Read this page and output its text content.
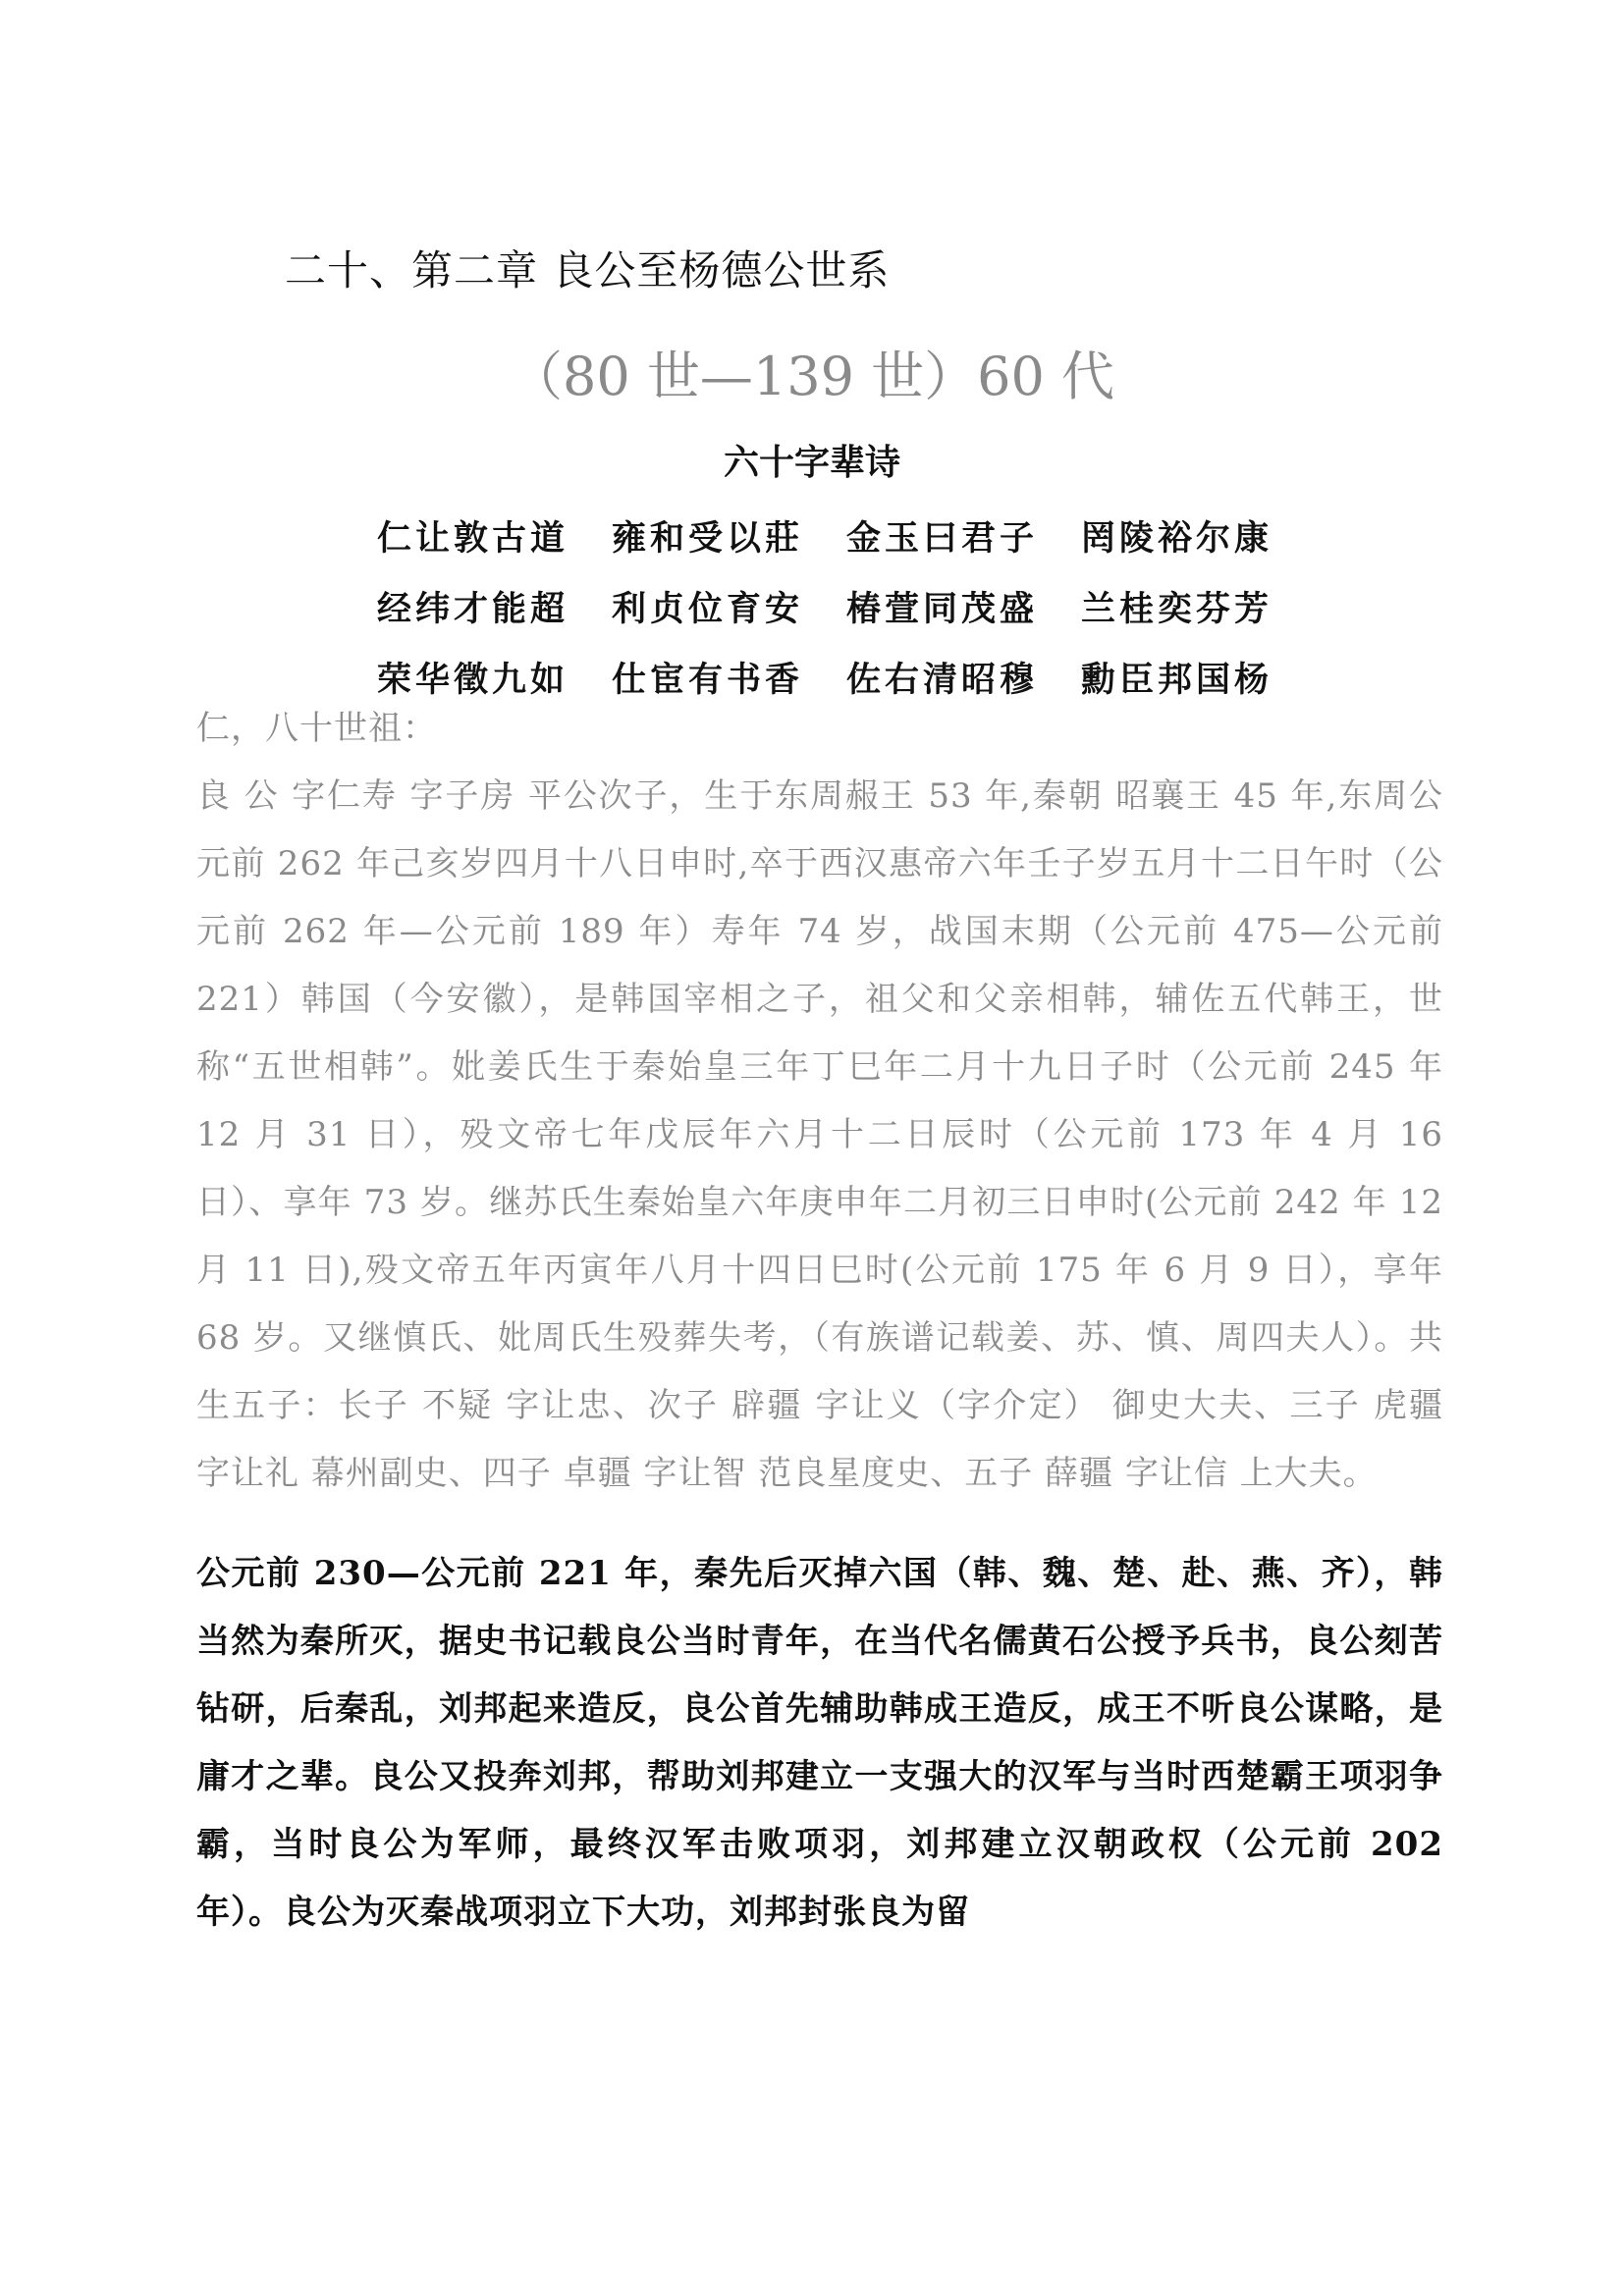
二十、第二章 良公至杨德公世系
（80 世—139 世）60 代
六十字辈诗
仁让敦古道 雍和受以莊 金玉曰君子 罔陵裕尔康
经纬才能超 利贞位育安 椿萱同茂盛 兰桂奕芬芳
荣华徵九如 仕宦有书香 佐右清昭穆 勳臣邦国杨
仁，八十世祖：
良 公 字仁寿 字子房 平公次子，生于东周赧王 53 年,秦朝 昭襄王 45 年,东周公元前 262 年己亥岁四月十八日申时,卒于西汉惠帝六年壬子岁五月十二日午时（公元前 262 年—公元前 189 年）寿年 74 岁，战国末期（公元前 475—公元前 221）韩国（今安徽），是韩国宰相之子，祖父和父亲相韩，辅佐五代韩王，世称“五世相韩”。妣姜氏生于秦始皇三年丁巳年二月十九日子时（公元前 245 年 12 月 31 日），殁文帝七年戊辰年六月十二日辰时（公元前 173 年 4 月 16 日）、享年 73 岁。继苏氏生秦始皇六年庚申年二月初三日申时(公元前 242 年 12 月 11 日),殁文帝五年丙寅年八月十四日巳时(公元前 175 年 6 月 9 日），享年 68 岁。又继慎氏、妣周氏生殁葬失考，（有族谱记载姜、苏、慎、周四夫人）。共生五子：长子 不疑 字让忠、次子 辟疆 字让义（字介定） 御史大夫、三子 虎疆 字让礼 幕州副史、四子 卓疆 字让智 范良星度史、五子 薛疆 字让信 上大夫。
公元前 230—公元前 221 年，秦先后灭掉六国（韩、魏、楚、赴、燕、齐），韩当然为秦所灭，据史书记载良公当时青年，在当代名儒黄石公授予兵书，良公刻苦钻研，后秦乱，刘邦起来造反，良公首先辅助韩成王造反，成王不听良公谋略，是庸才之辈。良公又投奔刘邦，帮助刘邦建立一支强大的汉军与当时西楚霸王项羽争霸，当时良公为军师，最终汉军击败项羽，刘邦建立汉朝政权（公元前 202 年）。良公为灭秦战项羽立下大功，刘邦封张良为留
